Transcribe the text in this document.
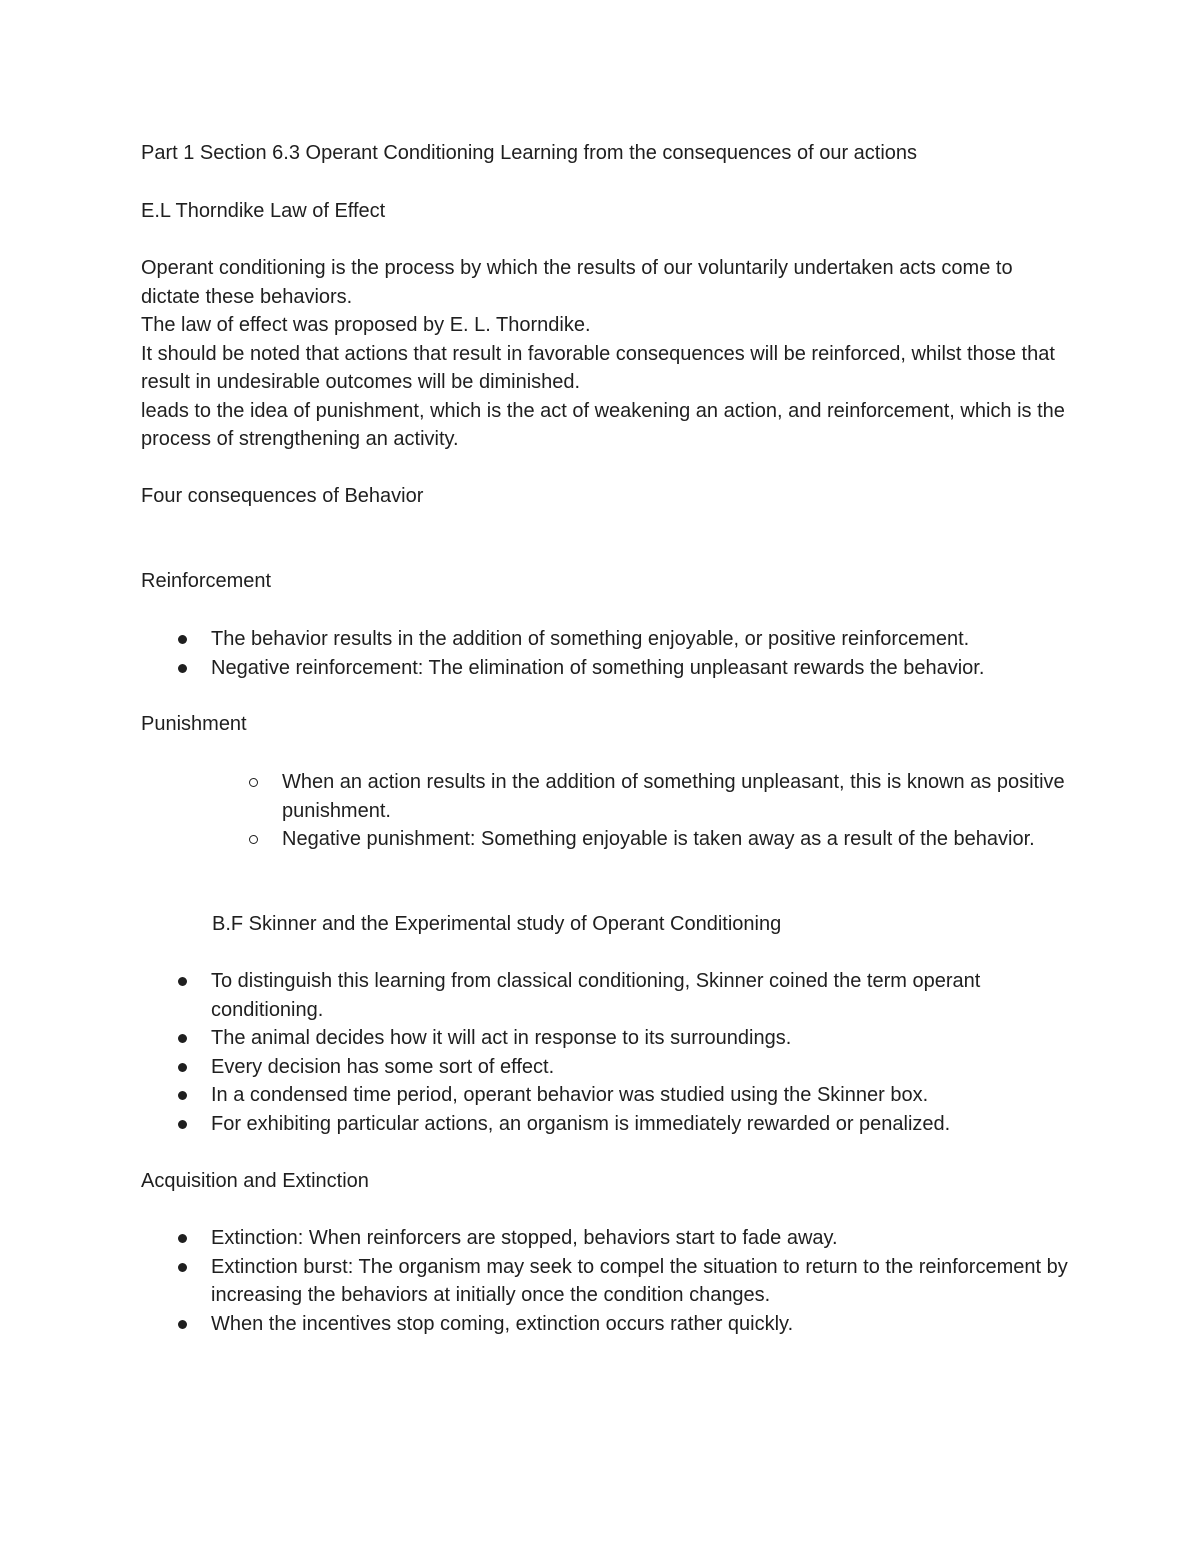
Part 1 Section 6.3 Operant Conditioning Learning from the consequences of our actions

E.L Thorndike Law of Effect

Operant conditioning is the process by which the results of our voluntarily undertaken acts come to dictate these behaviors.

The law of effect was proposed by E. L. Thorndike.

It should be noted that actions that result in favorable consequences will be reinforced, whilst those that result in undesirable outcomes will be diminished.

leads to the idea of punishment, which is the act of weakening an action, and reinforcement, which is the process of strengthening an activity.

Four consequences of Behavior

Reinforcement

The behavior results in the addition of something enjoyable, or positive reinforcement.
Negative reinforcement: The elimination of something unpleasant rewards the behavior.

Punishment

When an action results in the addition of something unpleasant, this is known as positive punishment.
Negative punishment: Something enjoyable is taken away as a result of the behavior.

B.F Skinner and the Experimental study of Operant Conditioning

To distinguish this learning from classical conditioning, Skinner coined the term operant conditioning.
The animal decides how it will act in response to its surroundings.
Every decision has some sort of effect.
In a condensed time period, operant behavior was studied using the Skinner box.
For exhibiting particular actions, an organism is immediately rewarded or penalized.

Acquisition and Extinction

Extinction: When reinforcers are stopped, behaviors start to fade away.
Extinction burst: The organism may seek to compel the situation to return to the reinforcement by increasing the behaviors at initially once the condition changes.
When the incentives stop coming, extinction occurs rather quickly.
